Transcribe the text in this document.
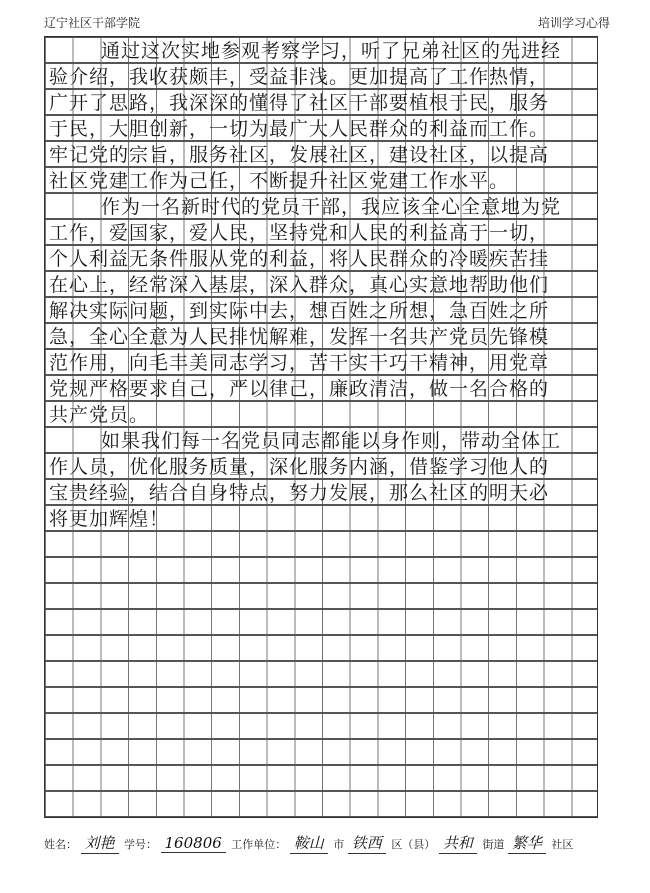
辽宁社区干部学院	培训学习心得
通过这次实地参观考察学习，听了兄弟社区的先进经
验介绍，我收获颇丰，受益非浅。更加提高了工作热情，
广开了思路，我深深的懂得了社区干部要植根于民，服务
于民，大胆创新，一切为最广大人民群众的利益而工作。
牢记党的宗旨，服务社区，发展社区，建设社区，以提高
社区党建工作为己任，不断提升社区党建工作水平。
作为一名新时代的党员干部，我应该全心全意地为党
工作，爱国家，爱人民，坚持党和人民的利益高于一切，
个人利益无条件服从党的利益，将人民群众的冷暖疾苦挂
在心上，经常深入基层，深入群众，真心实意地帮助他们
解决实际问题，到实际中去，想百姓之所想，急百姓之所
急，全心全意为人民排忧解难，发挥一名共产党员先锋模
范作用，向毛丰美同志学习，苦干实干巧干精神，用党章
党规严格要求自己，严以律己，廉政清洁，做一名合格的
共产党员。
如果我们每一名党员同志都能以身作则，带动全体工
作人员，优化服务质量，深化服务内涵，借鉴学习他人的
宝贵经验，结合自身特点，努力发展，那么社区的明天必
将更加辉煌！
姓名： 刘艳 学号： 160806 工作单位： 鞍山 市 铁西 区（县） 共和 街道 繁华 社区
